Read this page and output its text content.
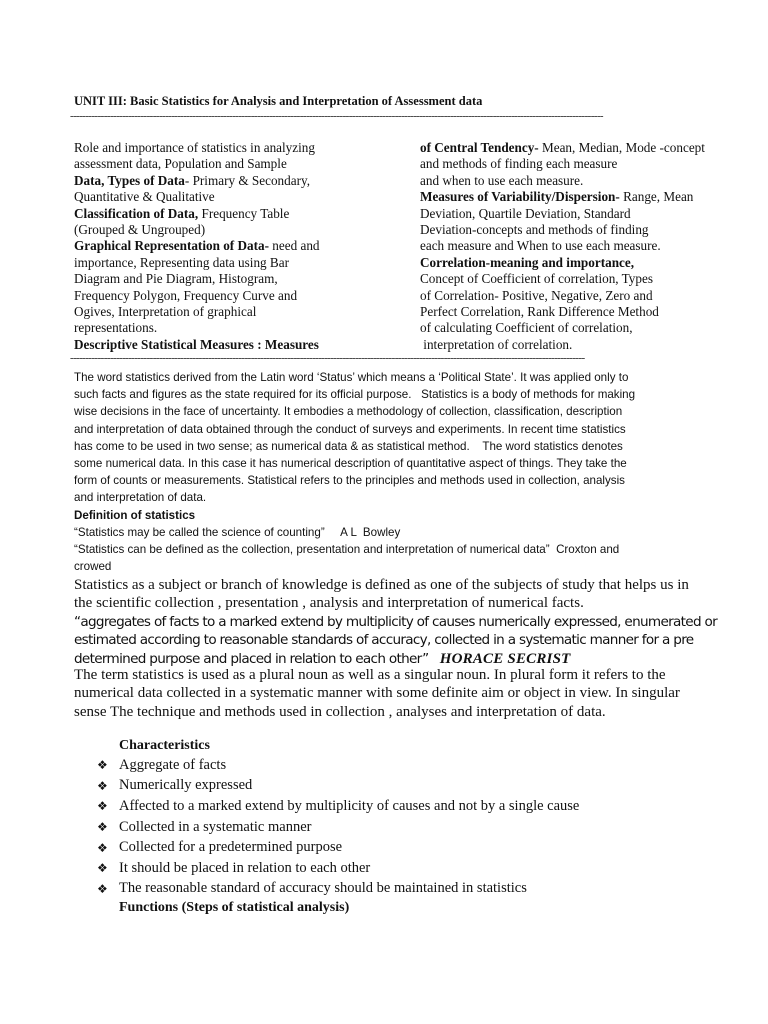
UNIT III: Basic Statistics for Analysis and Interpretation of Assessment data
------------------------------------------------------------------------------------------------------------------------------------------------------------------------------
Role and importance of statistics in analyzing
assessment data, Population and Sample
Data, Types of Data- Primary & Secondary,
Quantitative & Qualitative
Classification of Data, Frequency Table
(Grouped & Ungrouped)
Graphical Representation of Data- need and
importance, Representing data using Bar
Diagram and Pie Diagram, Histogram,
Frequency Polygon, Frequency Curve and
Ogives, Interpretation of graphical
representations.
Descriptive Statistical Measures : Measures
of Central Tendency- Mean, Median, Mode -concept
and methods of finding each measure
and when to use each measure.
Measures of Variability/Dispersion- Range, Mean
Deviation, Quartile Deviation, Standard
Deviation-concepts and methods of finding
each measure and When to use each measure.
Correlation-meaning and importance,
Concept of Coefficient of correlation, Types
of Correlation- Positive, Negative, Zero and
Perfect Correlation, Rank Difference Method
of calculating Coefficient of correlation,
interpretation of correlation.
------------------------------------------------------------------------------------------------------------------------------------------------------------------------
The word statistics derived from the Latin word ‘Status’ which means a ‘Political State’. It was applied only to
such facts and figures as the state required for its official purpose.   Statistics is a body of methods for making
wise decisions in the face of uncertainty. It embodies a methodology of collection, classification, description
and interpretation of data obtained through the conduct of surveys and experiments. In recent time statistics
has come to be used in two sense; as numerical data & as statistical method.    The word statistics denotes
some numerical data. In this case it has numerical description of quantitative aspect of things. They take the
form of counts or measurements. Statistical refers to the principles and methods used in collection, analysis
and interpretation of data.
Definition of statistics
“Statistics may be called the science of counting”     A L  Bowley
“Statistics can be defined as the collection, presentation and interpretation of numerical data”  Croxton and
crowed
Statistics as a subject or branch of knowledge is defined as one of the subjects of study that helps us in
the scientific collection , presentation , analysis and interpretation of numerical facts.
“aggregates of facts to a marked extend by multiplicity of causes numerically expressed, enumerated or
estimated according to reasonable standards of accuracy, collected in a systematic manner for a pre
determined purpose and placed in relation to each other” HORACE SECRIST
The term statistics is used as a plural noun as well as a singular noun. In plural form it refers to the
numerical data collected in a systematic manner with some definite aim or object in view. In singular
sense The technique and methods used in collection , analyses and interpretation of data.
Characteristics
❖ Aggregate of facts
❖ Numerically expressed
❖ Affected to a marked extend by multiplicity of causes and not by a single cause
❖ Collected in a systematic manner
❖ Collected for a predetermined purpose
❖ It should be placed in relation to each other
❖ The reasonable standard of accuracy should be maintained in statistics
Functions (Steps of statistical analysis)
